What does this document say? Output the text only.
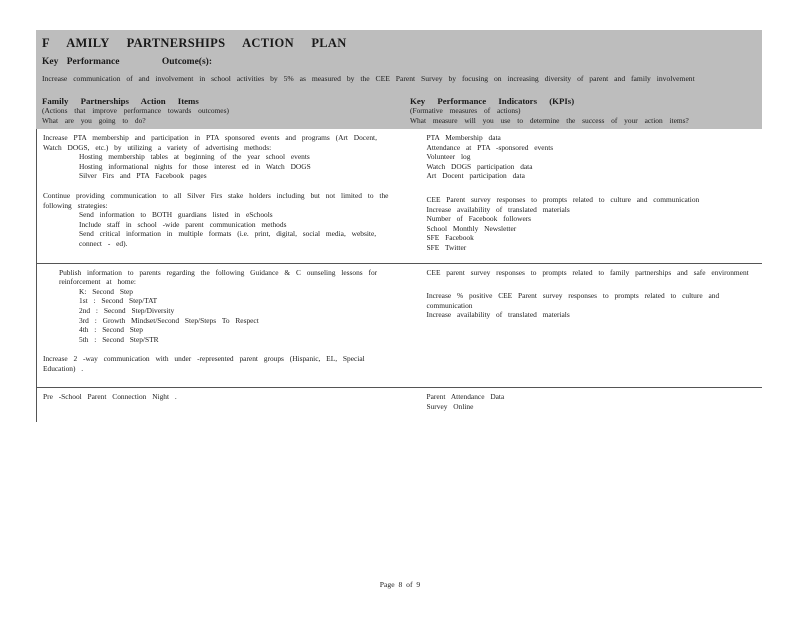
F AMILY PARTNERSHIPS ACTION PLAN
Key Performance	Outcome(s):
Increase communication of and involvement in school activities by 5% as measured by the CEE Parent Survey by focusing on increasing diversity of parent and family involvement
Family Partnerships Action Items
(Actions that improve performance towards outcomes)
What are you going to do?
Key Performance Indicators (KPIs)
(Formative measures of actions)
What measure will you use to determine the success of your action items?
Increase PTA membership and participation in PTA sponsored events and programs (Art Docent, Watch DOGS, etc.) by utilizing a variety of advertising methods:
Hosting membership tables at beginning of the year school events
Hosting informational nights for those interest ed in Watch DOGS
Silver Firs and PTA Facebook pages
Continue providing communication to all Silver Firs stake holders including but not limited to the following strategies:
Send information to BOTH guardians listed in eSchools
Include staff in school -wide parent communication methods
Send critical information in multiple formats (i.e. print, digital, social media, website, connect - ed).
PTA Membership data
Attendance at PTA -sponsored events
Volunteer log
Watch DOGS participation data
Art Docent participation data
CEE Parent survey responses to prompts related to culture and communication
Increase availability of translated materials
Number of Facebook followers
School Monthly Newsletter
SFE Facebook
SFE Twitter
Publish information to parents regarding the following Guidance & C ounseling lessons for reinforcement at home:
K: Second Step
1st : Second Step/TAT
2nd : Second Step/Diversity
3rd : Growth Mindset/Second Step/Steps To Respect
4th : Second Step
5th : Second Step/STR
Increase 2 -way communication with under -represented parent groups (Hispanic, EL, Special Education) .
CEE parent survey responses to prompts related to family partnerships and safe environment
Increase % positive CEE Parent survey responses to prompts related to culture and communication
Increase availability of translated materials
Pre -School Parent Connection Night .	Parent Attendance Data
Survey Online
Page 8 of 9
